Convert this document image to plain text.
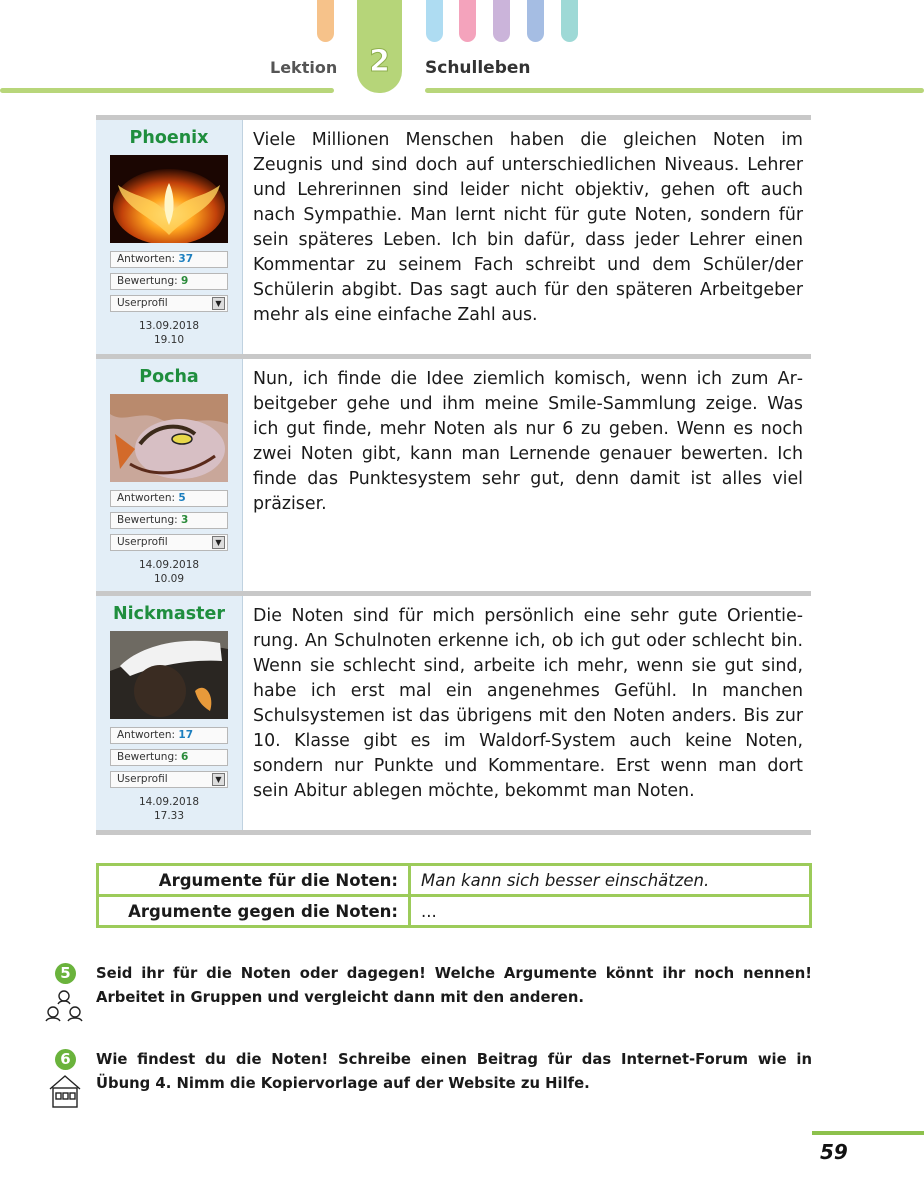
2
Lektion	Schulleben
Phoenix
Antworten: 37
Bewertung: 9
Userprofil	▼
13.09.2018
19.10
Viele Millionen Menschen haben die gleichen Noten im Zeugnis und sind doch auf unterschiedlichen Niveaus. Lehrer und Lehrerinnen sind leider nicht objektiv, gehen oft auch nach Sympathie. Man lernt nicht für gute Noten, sondern für sein späteres Leben. Ich bin dafür, dass jeder Lehrer einen Kommentar zu seinem Fach schreibt und dem Schüler/der Schülerin abgibt. Das sagt auch für den späteren Arbeitgeber mehr als eine einfache Zahl aus.
Pocha
Antworten: 5
Bewertung: 3
Userprofil	▼
14.09.2018
10.09
Nun, ich finde die Idee ziemlich komisch, wenn ich zum Arbeitgeber gehe und ihm meine Smile-Sammlung zeige. Was ich gut finde, mehr Noten als nur 6 zu geben. Wenn es noch zwei Noten gibt, kann man Lernende genauer bewerten. Ich finde das Punktesystem sehr gut, denn damit ist alles viel präziser.
Nickmaster
Antworten: 17
Bewertung: 6
Userprofil	▼
14.09.2018
17.33
Die Noten sind für mich persönlich eine sehr gute Orientierung. An Schulnoten erkenne ich, ob ich gut oder schlecht bin. Wenn sie schlecht sind, arbeite ich mehr, wenn sie gut sind, habe ich erst mal ein angenehmes Gefühl. In manchen Schulsystemen ist das übrigens mit den Noten anders. Bis zur 10. Klasse gibt es im Waldorf-System auch keine Noten, sondern nur Punkte und Kommentare. Erst wenn man dort sein Abitur ablegen möchte, bekommt man Noten.
Argumente für die Noten:	Man kann sich besser einschätzen.
Argumente gegen die Noten:	...
5	Seid ihr für die Noten oder dagegen! Welche Argumente könnt ihr noch nennen! Arbeitet in Gruppen und vergleicht dann mit den anderen.
6	Wie findest du die Noten! Schreibe einen Beitrag für das Internet-Forum wie in Übung 4. Nimm die Kopiervorlage auf der Website zu Hilfe.
59
